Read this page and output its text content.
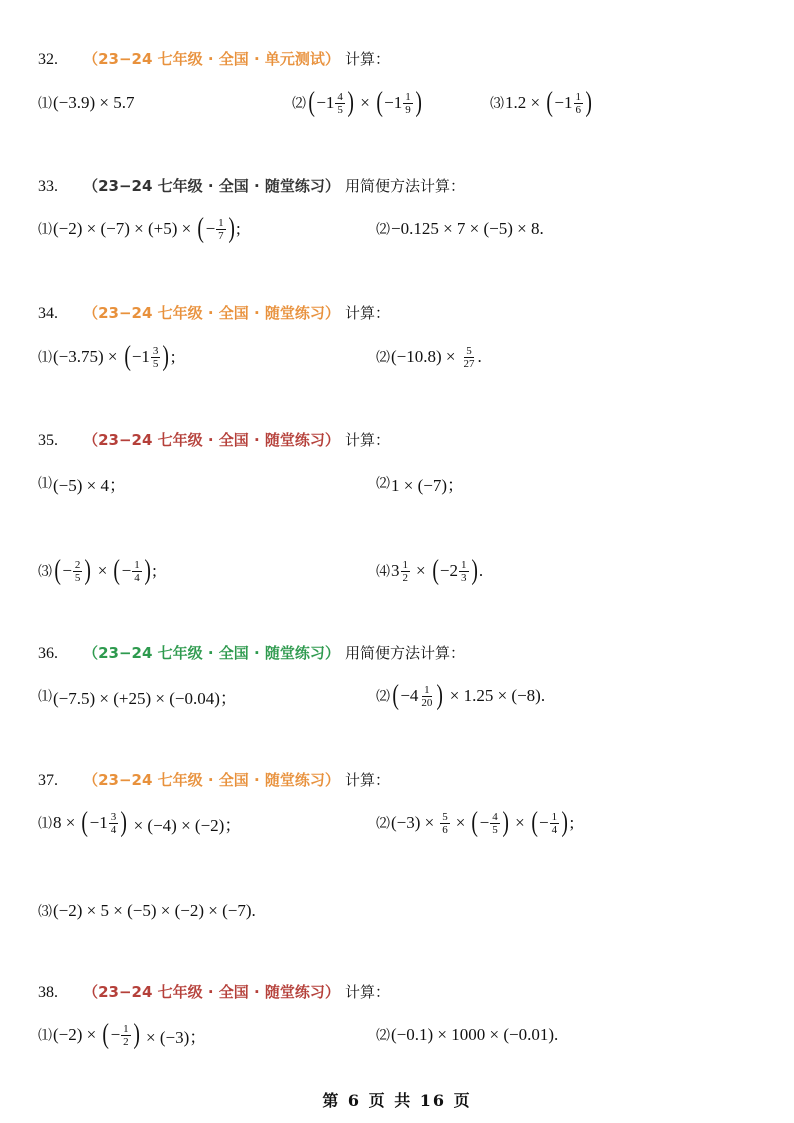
32. （23−24 七年级 · 全国 · 单元测试） 计算：
⑴ (−3.9) × 5.7	⑵ ( $-1 \frac{4}{5}$ ) × ( $-1 \frac{1}{9}$ )	⑶ 1.2 × ( $-1 \frac{1}{6}$ )
33. （23−24 七年级 · 全国 · 随堂练习） 用简便方法计算：
⑴ (−2) × (−7) × (+5) × ( − $\frac{1}{7}$ ) ;	⑵ −0.125 × 7 × (−5) × 8.
34. （23−24 七年级 · 全国 · 随堂练习） 计算：
⑴ (−3.75) × ( $-1 \frac{3}{5}$ ) ;	⑵ $(-10.8) \times \frac{5}{27}$ .
35. （23−24 七年级 · 全国 · 随堂练习） 计算：
⑴ (−5) × 4；	⑵ 1 × (−7)；
⑶ ( − $\frac{2}{5}$ ) × ( − $\frac{1}{4}$ ) ;	⑷ $3 \frac{1}{2}$ × ( $-2 \frac{1}{3}$ ) .
36. （23−24 七年级 · 全国 · 随堂练习） 用简便方法计算：
⑴ (−7.5) × (+25) × (−0.04)；	⑵ ( $-4 \frac{1}{20}$ ) × 1.25 × (−8).
37. （23−24 七年级 · 全国 · 随堂练习） 计算：
⑴ 8 × ( $-1 \frac{3}{4}$ ) × (−4) × (−2)；	⑵ $(-3) \times \frac{5}{6}$ × ( − $\frac{4}{5}$ ) × ( − $\frac{1}{4}$ ) ;
⑶ (−2) × 5 × (−5) × (−2) × (−7).
38. （23−24 七年级 · 全国 · 随堂练习） 计算：
⑴ (−2) × ( − $\frac{1}{2}$ ) × (−3)；	⑵ (−0.1) × 1000 × (−0.01).
第 6 页 共 16 页
